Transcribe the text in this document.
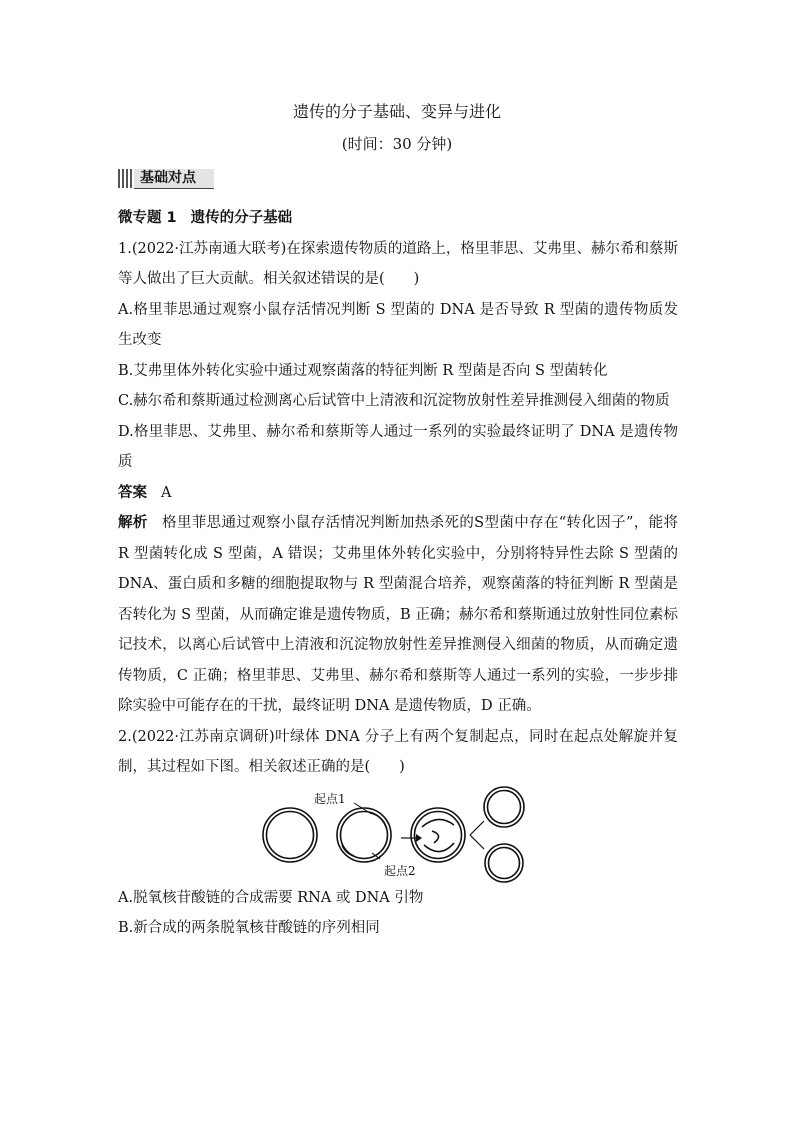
遗传的分子基础、变异与进化
(时间：30 分钟)
基础对点

微专题 1 遗传的分子基础

1.(2022·江苏南通大联考)在探索遗传物质的道路上，格里菲思、艾弗里、赫尔希和蔡斯等人做出了巨大贡献。相关叙述错误的是(　　)

A.格里菲思通过观察小鼠存活情况判断 S 型菌的 DNA 是否导致 R 型菌的遗传物质发生改变

B.艾弗里体外转化实验中通过观察菌落的特征判断 R 型菌是否向 S 型菌转化

C.赫尔希和蔡斯通过检测离心后试管中上清液和沉淀物放射性差异推测侵入细菌的物质

D.格里菲思、艾弗里、赫尔希和蔡斯等人通过一系列的实验最终证明了 DNA 是遗传物质

答案 A

解析 格里菲思通过观察小鼠存活情况判断加热杀死的S型菌中存在“转化因子”，能将 R 型菌转化成 S 型菌，A 错误；艾弗里体外转化实验中，分别将特异性去除 S 型菌的 DNA、蛋白质和多糖的细胞提取物与 R 型菌混合培养，观察菌落的特征判断 R 型菌是否转化为 S 型菌，从而确定谁是遗传物质，B 正确；赫尔希和蔡斯通过放射性同位素标记技术，以离心后试管中上清液和沉淀物放射性差异推测侵入细菌的物质，从而确定遗传物质，C 正确；格里菲思、艾弗里、赫尔希和蔡斯等人通过一系列的实验，一步步排除实验中可能存在的干扰，最终证明 DNA 是遗传物质，D 正确。

2.(2022·江苏南京调研)叶绿体 DNA 分子上有两个复制起点，同时在起点处解旋并复制，其过程如下图。相关叙述正确的是(　　)

起点1
起点2

A.脱氧核苷酸链的合成需要 RNA 或 DNA 引物

B.新合成的两条脱氧核苷酸链的序列相同
